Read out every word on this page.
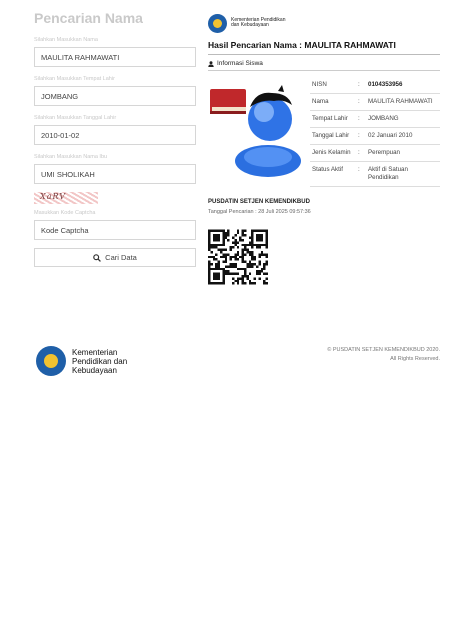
Pencarian Nama
Silahkan Masukkan Nama
MAULITA RAHMAWATI
Silahkan Masukkan Tempat Lahir
JOMBANG
Silahkan Masukkan Tanggal Lahir
2010-01-02
Silahkan Masukkan Nama Ibu
UMI SHOLIKAH
XaRV
Masukkan Kode Captcha
Kode Captcha
Cari Data
Kementerian Pendidikan dan Kebudayaan
Hasil Pencarian Nama : MAULITA RAHMAWATI
Informasi Siswa
NISN	:	0104353956
Nama	:	MAULITA RAHMAWATI
Tempat Lahir	:	JOMBANG
Tanggal Lahir	:	02 Januari 2010
Jenis Kelamin	:	Perempuan
Status Aktif	:	Aktif di Satuan Pendidikan
PUSDATIN SETJEN KEMENDIKBUD
Tanggal Pencarian : 28 Juli 2025 09:57:36
Kementerian Pendidikan dan Kebudayaan
© PUSDATIN SETJEN KEMENDIKBUD 2020.
All Rights Reserved.
